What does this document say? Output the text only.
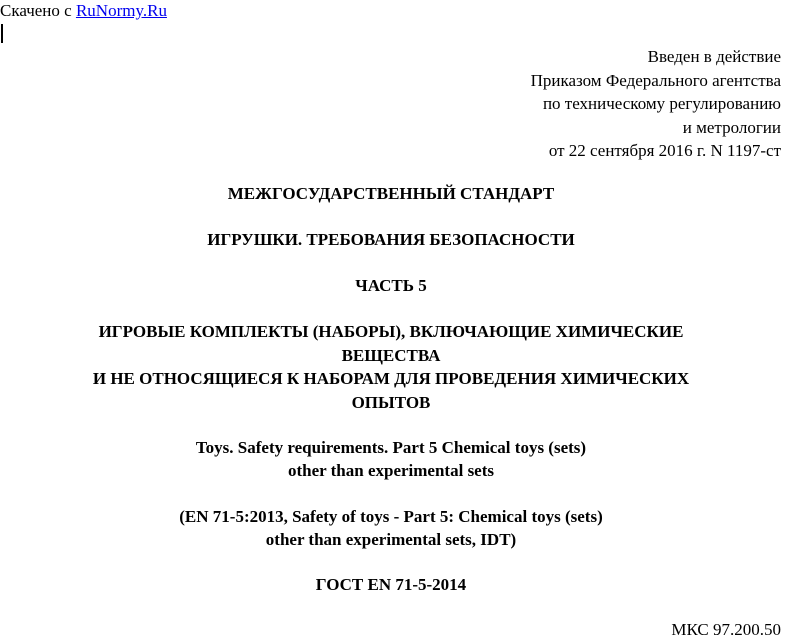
Скачено с RuNormy.Ru
Введен в действие
Приказом Федерального агентства
по техническому регулированию
и метрологии
от 22 сентября 2016 г. N 1197-ст
МЕЖГОСУДАРСТВЕННЫЙ СТАНДАРТ
ИГРУШКИ. ТРЕБОВАНИЯ БЕЗОПАСНОСТИ
ЧАСТЬ 5
ИГРОВЫЕ КОМПЛЕКТЫ (НАБОРЫ), ВКЛЮЧАЮЩИЕ ХИМИЧЕСКИЕ
ВЕЩЕСТВА
И НЕ ОТНОСЯЩИЕСЯ К НАБОРАМ ДЛЯ ПРОВЕДЕНИЯ ХИМИЧЕСКИХ
ОПЫТОВ
Toys. Safety requirements. Part 5 Chemical toys (sets)
other than experimental sets
(EN 71-5:2013, Safety of toys - Part 5: Chemical toys (sets)
other than experimental sets, IDT)
ГОСТ EN 71-5-2014
МКС 97.200.50
